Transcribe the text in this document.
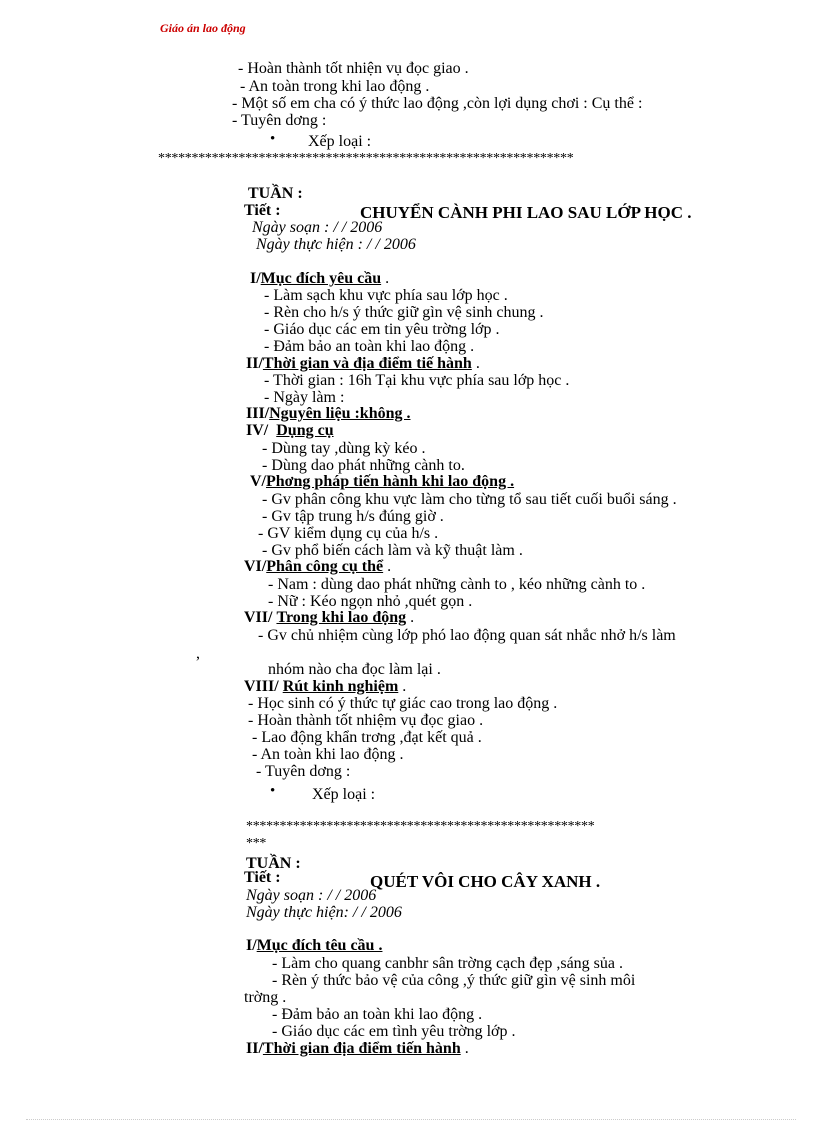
Giáo án lao động
- Hoàn thành tốt nhiện vụ đọc giao .
- An toàn trong khi lao động .
- Một số em cha có ý thức lao động ,còn lợi dụng chơi : Cụ thể :
- Tuyên dơng :
• Xếp loại :
**************************************************************
TUẦN :
Tiết :	CHUYỂN CÀNH PHI LAO SAU LỚP HỌC .
Ngày soạn : / / 2006
Ngày thực hiện : / / 2006
I/Mục đích yêu cầu .
- Làm sạch khu vực phía sau lớp học .
- Rèn cho h/s ý thức giữ gìn vệ sinh chung .
- Giáo dục các em tin yêu trờng lớp .
- Đảm bảo an toàn khi lao động .
II/Thời gian và địa điểm tiế hành .
- Thời gian : 16h Tại khu vực phía sau lớp học .
- Ngày làm :
III/Nguyên liệu :không .
IV/ Dụng cụ
- Dùng tay ,dùng kỳ kéo .
- Dùng dao phát những cành to.
V/Phơng pháp tiến hành khi lao động .
- Gv phân công khu vực làm cho từng tổ sau tiết cuối buổi sáng .
- Gv tập trung h/s đúng giờ .
- GV kiểm dụng cụ của h/s .
- Gv phổ biến cách làm và kỹ thuật làm .
VI/Phân công cụ thể .
- Nam : dùng dao phát những cành to , kéo những cành to .
- Nữ : Kéo ngọn nhỏ ,quét gọn .
VII/ Trong khi lao động .
- Gv chủ nhiệm cùng lớp phó lao động quan sát nhắc nhở h/s làm
,
nhóm nào cha đọc làm lại .
VIII/ Rút kinh nghiệm .
- Học sinh có ý thức tự giác cao trong lao động .
- Hoàn thành tốt nhiệm vụ đọc giao .
- Lao động khẩn trơng ,đạt kết quả .
- An toàn khi lao động .
- Tuyên dơng :
• Xếp loại :
****************************************************
***
TUẦN :
Tiết :	QUÉT VÔI CHO CÂY XANH .
Ngày soạn : / / 2006
Ngày thực hiện: / / 2006
I/Mục đích têu cầu .
- Làm cho quang canbhr sân trờng cạch đẹp ,sáng sủa .
- Rèn ý thức bảo vệ của công ,ý thức giữ gìn vệ sinh môi
trờng .
- Đảm bảo an toàn khi lao động .
- Giáo dục các em tình yêu trờng lớp .
II/Thời gian địa điểm tiến hành .
